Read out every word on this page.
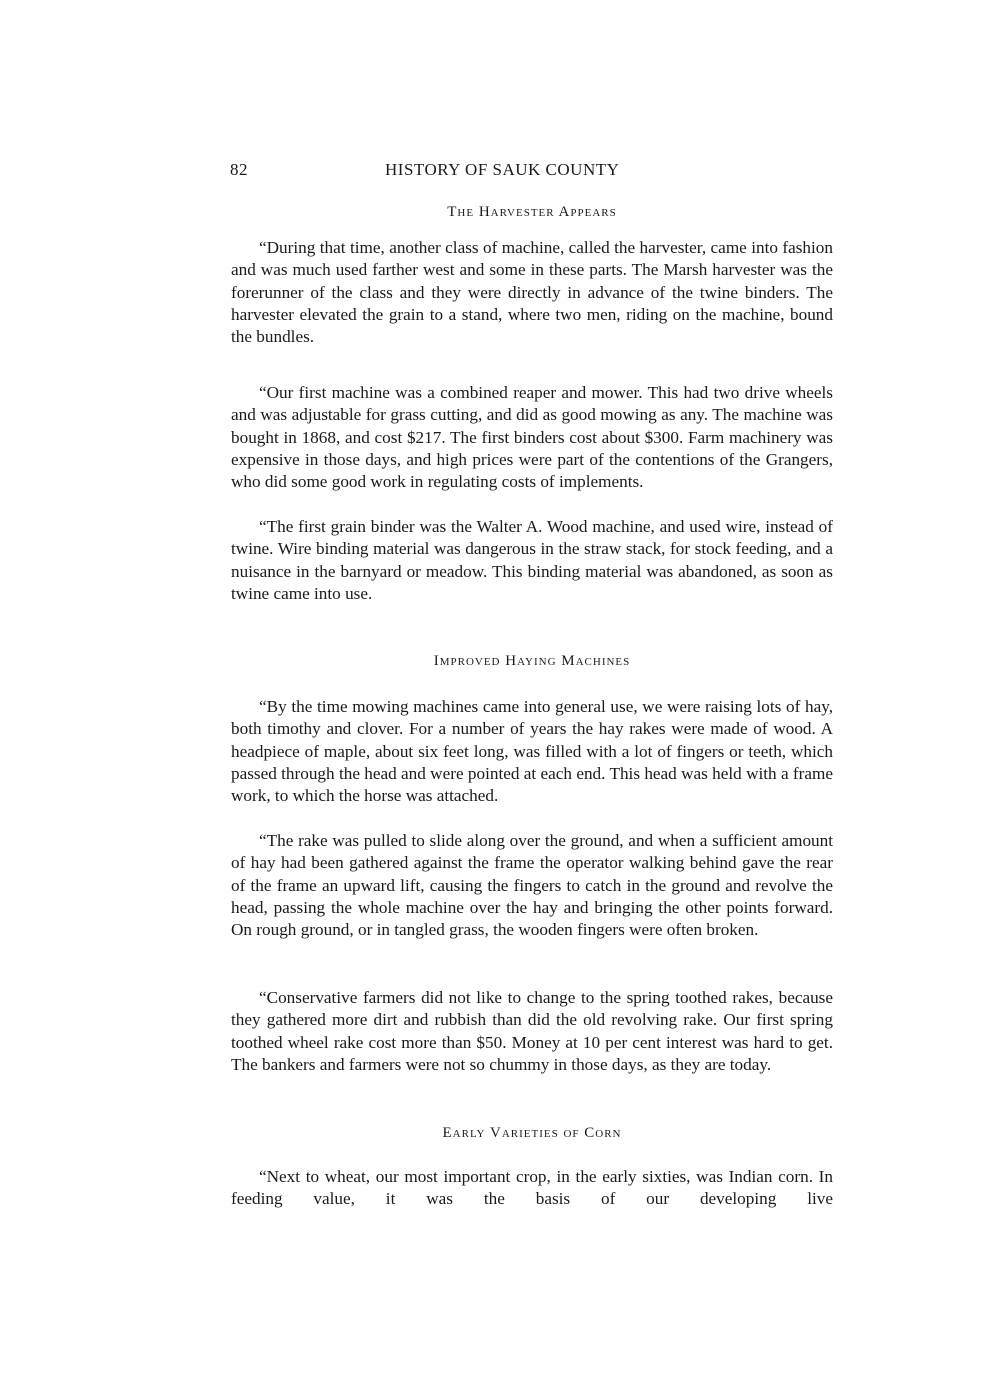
82	HISTORY OF SAUK COUNTY
The Harvester Appears

“During that time, another class of machine, called the harvester, came into fashion and was much used farther west and some in these parts. The Marsh harvester was the forerunner of the class and they were directly in advance of the twine binders. The harvester elevated the grain to a stand, where two men, riding on the machine, bound the bundles.

“Our first machine was a combined reaper and mower. This had two drive wheels and was adjustable for grass cutting, and did as good mowing as any. The machine was bought in 1868, and cost $217. The first binders cost about $300. Farm machinery was expensive in those days, and high prices were part of the contentions of the Grangers, who did some good work in regulating costs of implements.

“The first grain binder was the Walter A. Wood machine, and used wire, instead of twine. Wire binding material was dangerous in the straw stack, for stock feeding, and a nuisance in the barnyard or meadow. This binding material was abandoned, as soon as twine came into use.

Improved Haying Machines

“By the time mowing machines came into general use, we were raising lots of hay, both timothy and clover. For a number of years the hay rakes were made of wood. A headpiece of maple, about six feet long, was filled with a lot of fingers or teeth, which passed through the head and were pointed at each end. This head was held with a frame work, to which the horse was attached.

“The rake was pulled to slide along over the ground, and when a sufficient amount of hay had been gathered against the frame the operator walking behind gave the rear of the frame an upward lift, causing the fingers to catch in the ground and revolve the head, passing the whole machine over the hay and bringing the other points forward. On rough ground, or in tangled grass, the wooden fingers were often broken.

“Conservative farmers did not like to change to the spring toothed rakes, because they gathered more dirt and rubbish than did the old revolving rake. Our first spring toothed wheel rake cost more than $50. Money at 10 per cent interest was hard to get. The bankers and farmers were not so chummy in those days, as they are today.

Early Varieties of Corn

“Next to wheat, our most important crop, in the early sixties, was Indian corn. In feeding value, it was the basis of our developing live
